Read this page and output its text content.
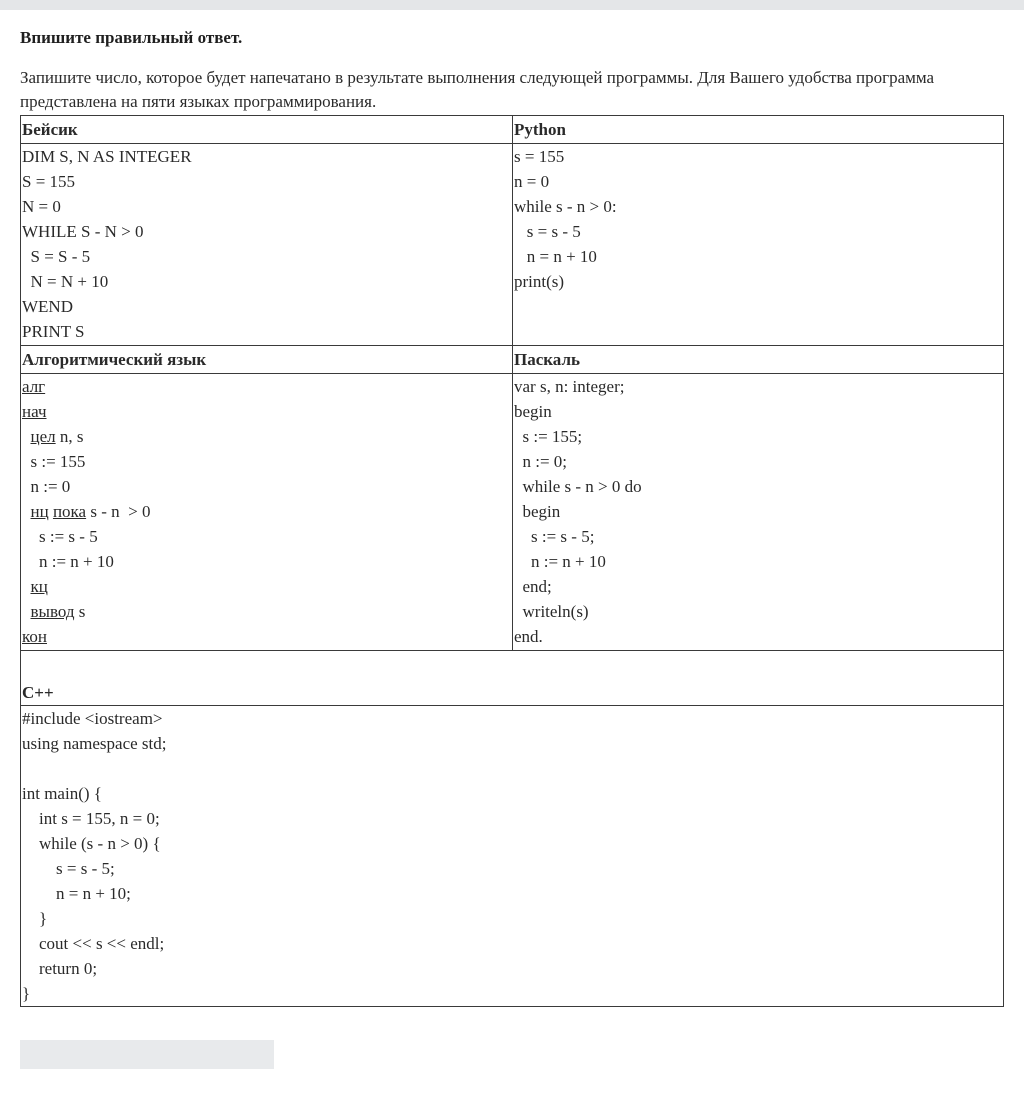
Впишите правильный ответ.
Запишите число, которое будет напечатано в результате выполнения следующей программы. Для Вашего удобства программа представлена на пяти языках программирования.
Бейсик	Python
DIM S, N AS INTEGER
S = 155
N = 0
WHILE S - N > 0
S = S - 5
N = N + 10
WEND
PRINT S
s = 155
n = 0
while s - n > 0:
s = s - 5
n = n + 10
print(s)
Алгоритмический язык	Паскаль
алг
нач
цел n, s
s := 155
n := 0
нц пока s - n  > 0
s := s - 5
n := n + 10
кц
вывод s
кон
var s, n: integer;
begin
s := 155;
n := 0;
while s - n > 0 do
begin
s := s - 5;
n := n + 10
end;
writeln(s)
end.
C++
#include <iostream>
using namespace std;
int main() {
int s = 155, n = 0;
while (s - n > 0) {
s = s - 5;
n = n + 10;
}
cout << s << endl;
return 0;
}
